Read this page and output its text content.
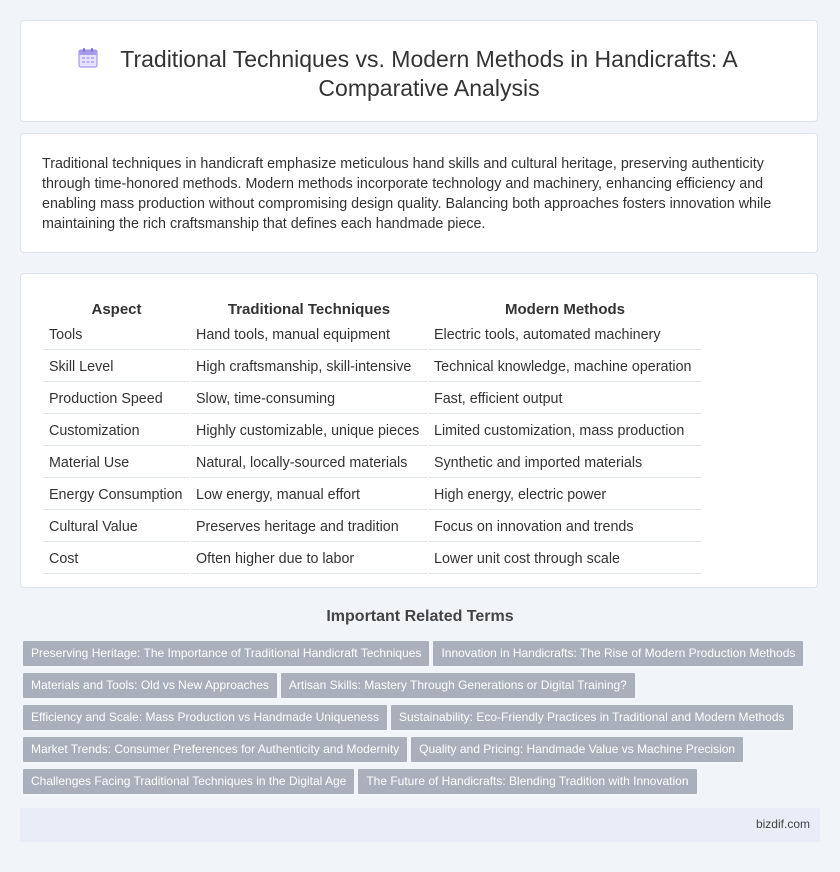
Traditional Techniques vs. Modern Methods in Handicrafts: A Comparative Analysis

Traditional techniques in handicraft emphasize meticulous hand skills and cultural heritage, preserving authenticity through time-honored methods. Modern methods incorporate technology and machinery, enhancing efficiency and enabling mass production without compromising design quality. Balancing both approaches fosters innovation while maintaining the rich craftsmanship that defines each handmade piece.

Aspect	Traditional Techniques	Modern Methods
Tools	Hand tools, manual equipment	Electric tools, automated machinery
Skill Level	High craftsmanship, skill-intensive	Technical knowledge, machine operation
Production Speed	Slow, time-consuming	Fast, efficient output
Customization	Highly customizable, unique pieces	Limited customization, mass production
Material Use	Natural, locally-sourced materials	Synthetic and imported materials
Energy Consumption	Low energy, manual effort	High energy, electric power
Cultural Value	Preserves heritage and tradition	Focus on innovation and trends
Cost	Often higher due to labor	Lower unit cost through scale
Important Related Terms
Preserving Heritage: The Importance of Traditional Handicraft Techniques Innovation in Handicrafts: The Rise of Modern Production Methods
Materials and Tools: Old vs New Approaches Artisan Skills: Mastery Through Generations or Digital Training?
Efficiency and Scale: Mass Production vs Handmade Uniqueness Sustainability: Eco-Friendly Practices in Traditional and Modern Methods
Market Trends: Consumer Preferences for Authenticity and Modernity Quality and Pricing: Handmade Value vs Machine Precision
Challenges Facing Traditional Techniques in the Digital Age The Future of Handicrafts: Blending Tradition with Innovation
bizdif.com
